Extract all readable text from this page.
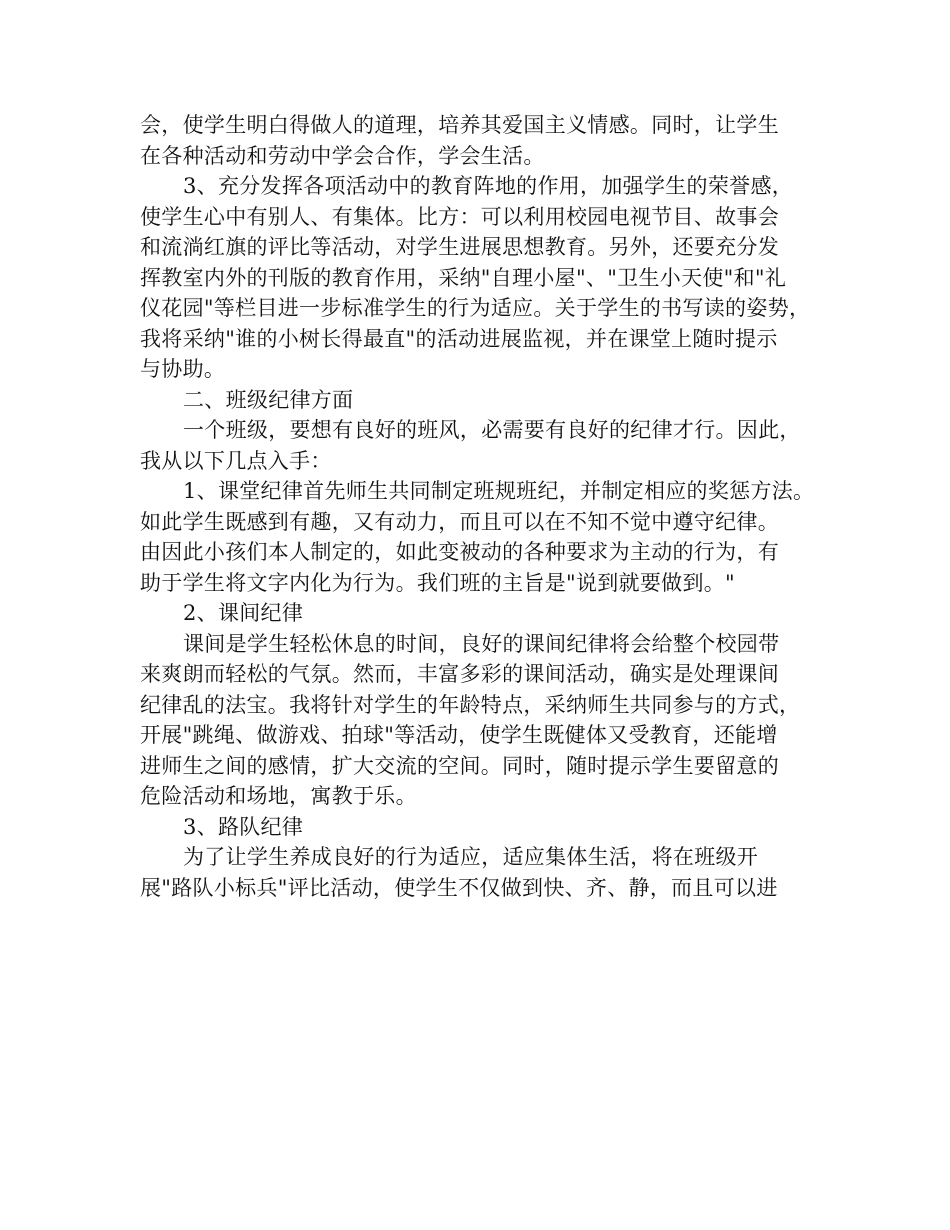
会，使学生明白得做人的道理，培养其爱国主义情感。同时，让学生
在各种活动和劳动中学会合作，学会生活。
3、充分发挥各项活动中的教育阵地的作用，加强学生的荣誉感，
使学生心中有别人、有集体。比方：可以利用校园电视节目、故事会
和流淌红旗的评比等活动，对学生进展思想教育。另外，还要充分发
挥教室内外的刊版的教育作用，采纳"自理小屋"、"卫生小天使"和"礼
仪花园"等栏目进一步标准学生的行为适应。关于学生的书写读的姿势，
我将采纳"谁的小树长得最直"的活动进展监视，并在课堂上随时提示
与协助。
二、班级纪律方面
一个班级，要想有良好的班风，必需要有良好的纪律才行。因此，
我从以下几点入手：
1、课堂纪律首先师生共同制定班规班纪，并制定相应的奖惩方法。
如此学生既感到有趣，又有动力，而且可以在不知不觉中遵守纪律。
由因此小孩们本人制定的，如此变被动的各种要求为主动的行为，有
助于学生将文字内化为行为。我们班的主旨是"说到就要做到。"
2、课间纪律
课间是学生轻松休息的时间，良好的课间纪律将会给整个校园带
来爽朗而轻松的气氛。然而，丰富多彩的课间活动，确实是处理课间
纪律乱的法宝。我将针对学生的年龄特点，采纳师生共同参与的方式，
开展"跳绳、做游戏、拍球"等活动，使学生既健体又受教育，还能增
进师生之间的感情，扩大交流的空间。同时，随时提示学生要留意的
危险活动和场地，寓教于乐。
3、路队纪律
为了让学生养成良好的行为适应，适应集体生活，将在班级开
展"路队小标兵"评比活动，使学生不仅做到快、齐、静，而且可以进
